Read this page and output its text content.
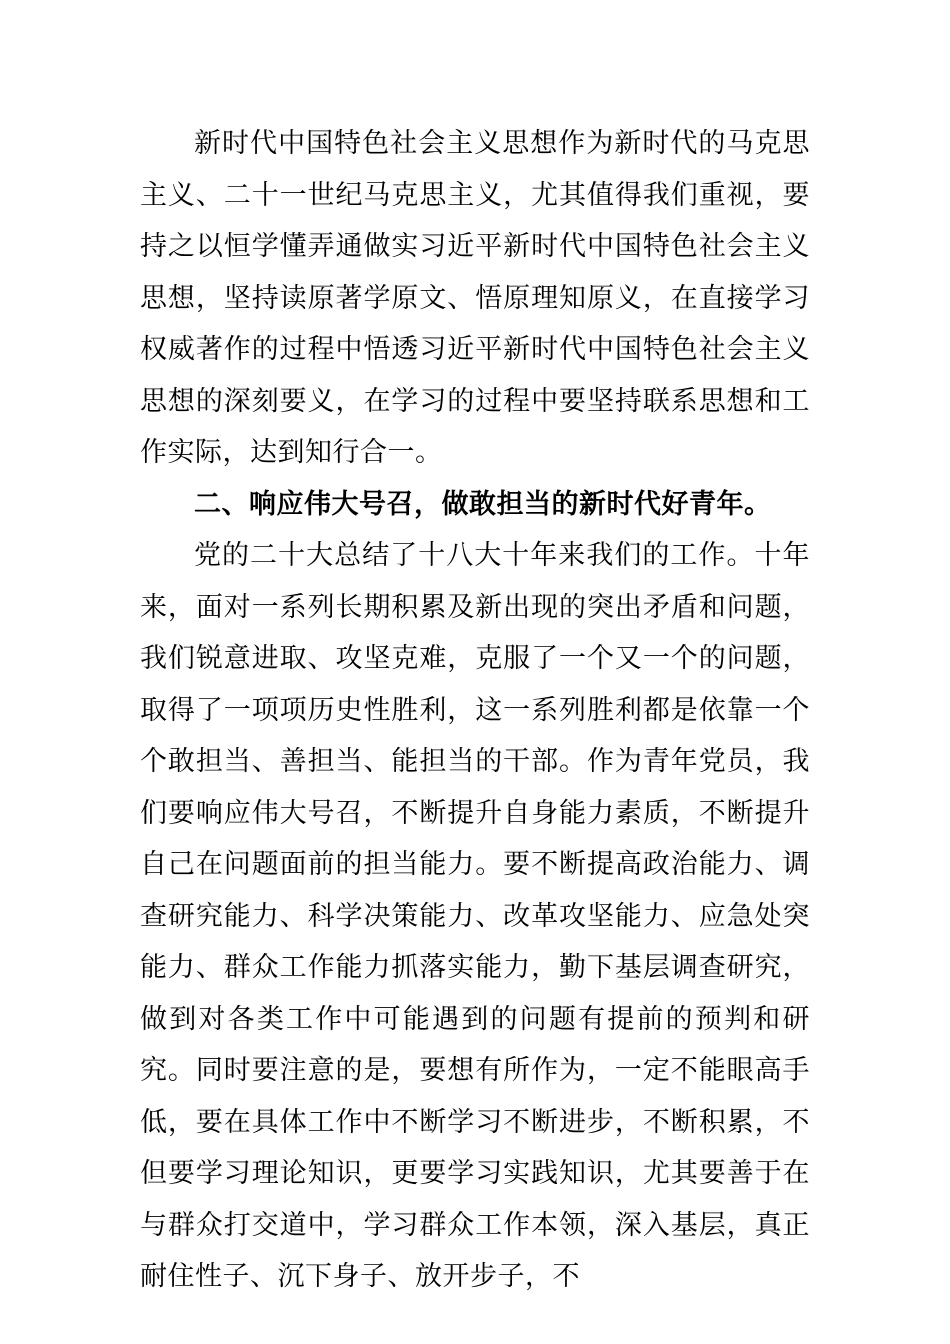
新时代中国特色社会主义思想作为新时代的马克思主义、二十一世纪马克思主义，尤其值得我们重视，要持之以恒学懂弄通做实习近平新时代中国特色社会主义思想，坚持读原著学原文、悟原理知原义，在直接学习权威著作的过程中悟透习近平新时代中国特色社会主义思想的深刻要义，在学习的过程中要坚持联系思想和工作实际，达到知行合一。

二、响应伟大号召，做敢担当的新时代好青年。

党的二十大总结了十八大十年来我们的工作。十年来，面对一系列长期积累及新出现的突出矛盾和问题，我们锐意进取、攻坚克难，克服了一个又一个的问题，取得了一项项历史性胜利，这一系列胜利都是依靠一个个敢担当、善担当、能担当的干部。作为青年党员，我们要响应伟大号召，不断提升自身能力素质，不断提升自己在问题面前的担当能力。要不断提高政治能力、调查研究能力、科学决策能力、改革攻坚能力、应急处突能力、群众工作能力抓落实能力，勤下基层调查研究，做到对各类工作中可能遇到的问题有提前的预判和研究。同时要注意的是，要想有所作为，一定不能眼高手低，要在具体工作中不断学习不断进步，不断积累，不但要学习理论知识，更要学习实践知识，尤其要善于在与群众打交道中，学习群众工作本领，深入基层，真正耐住性子、沉下身子、放开步子，不
